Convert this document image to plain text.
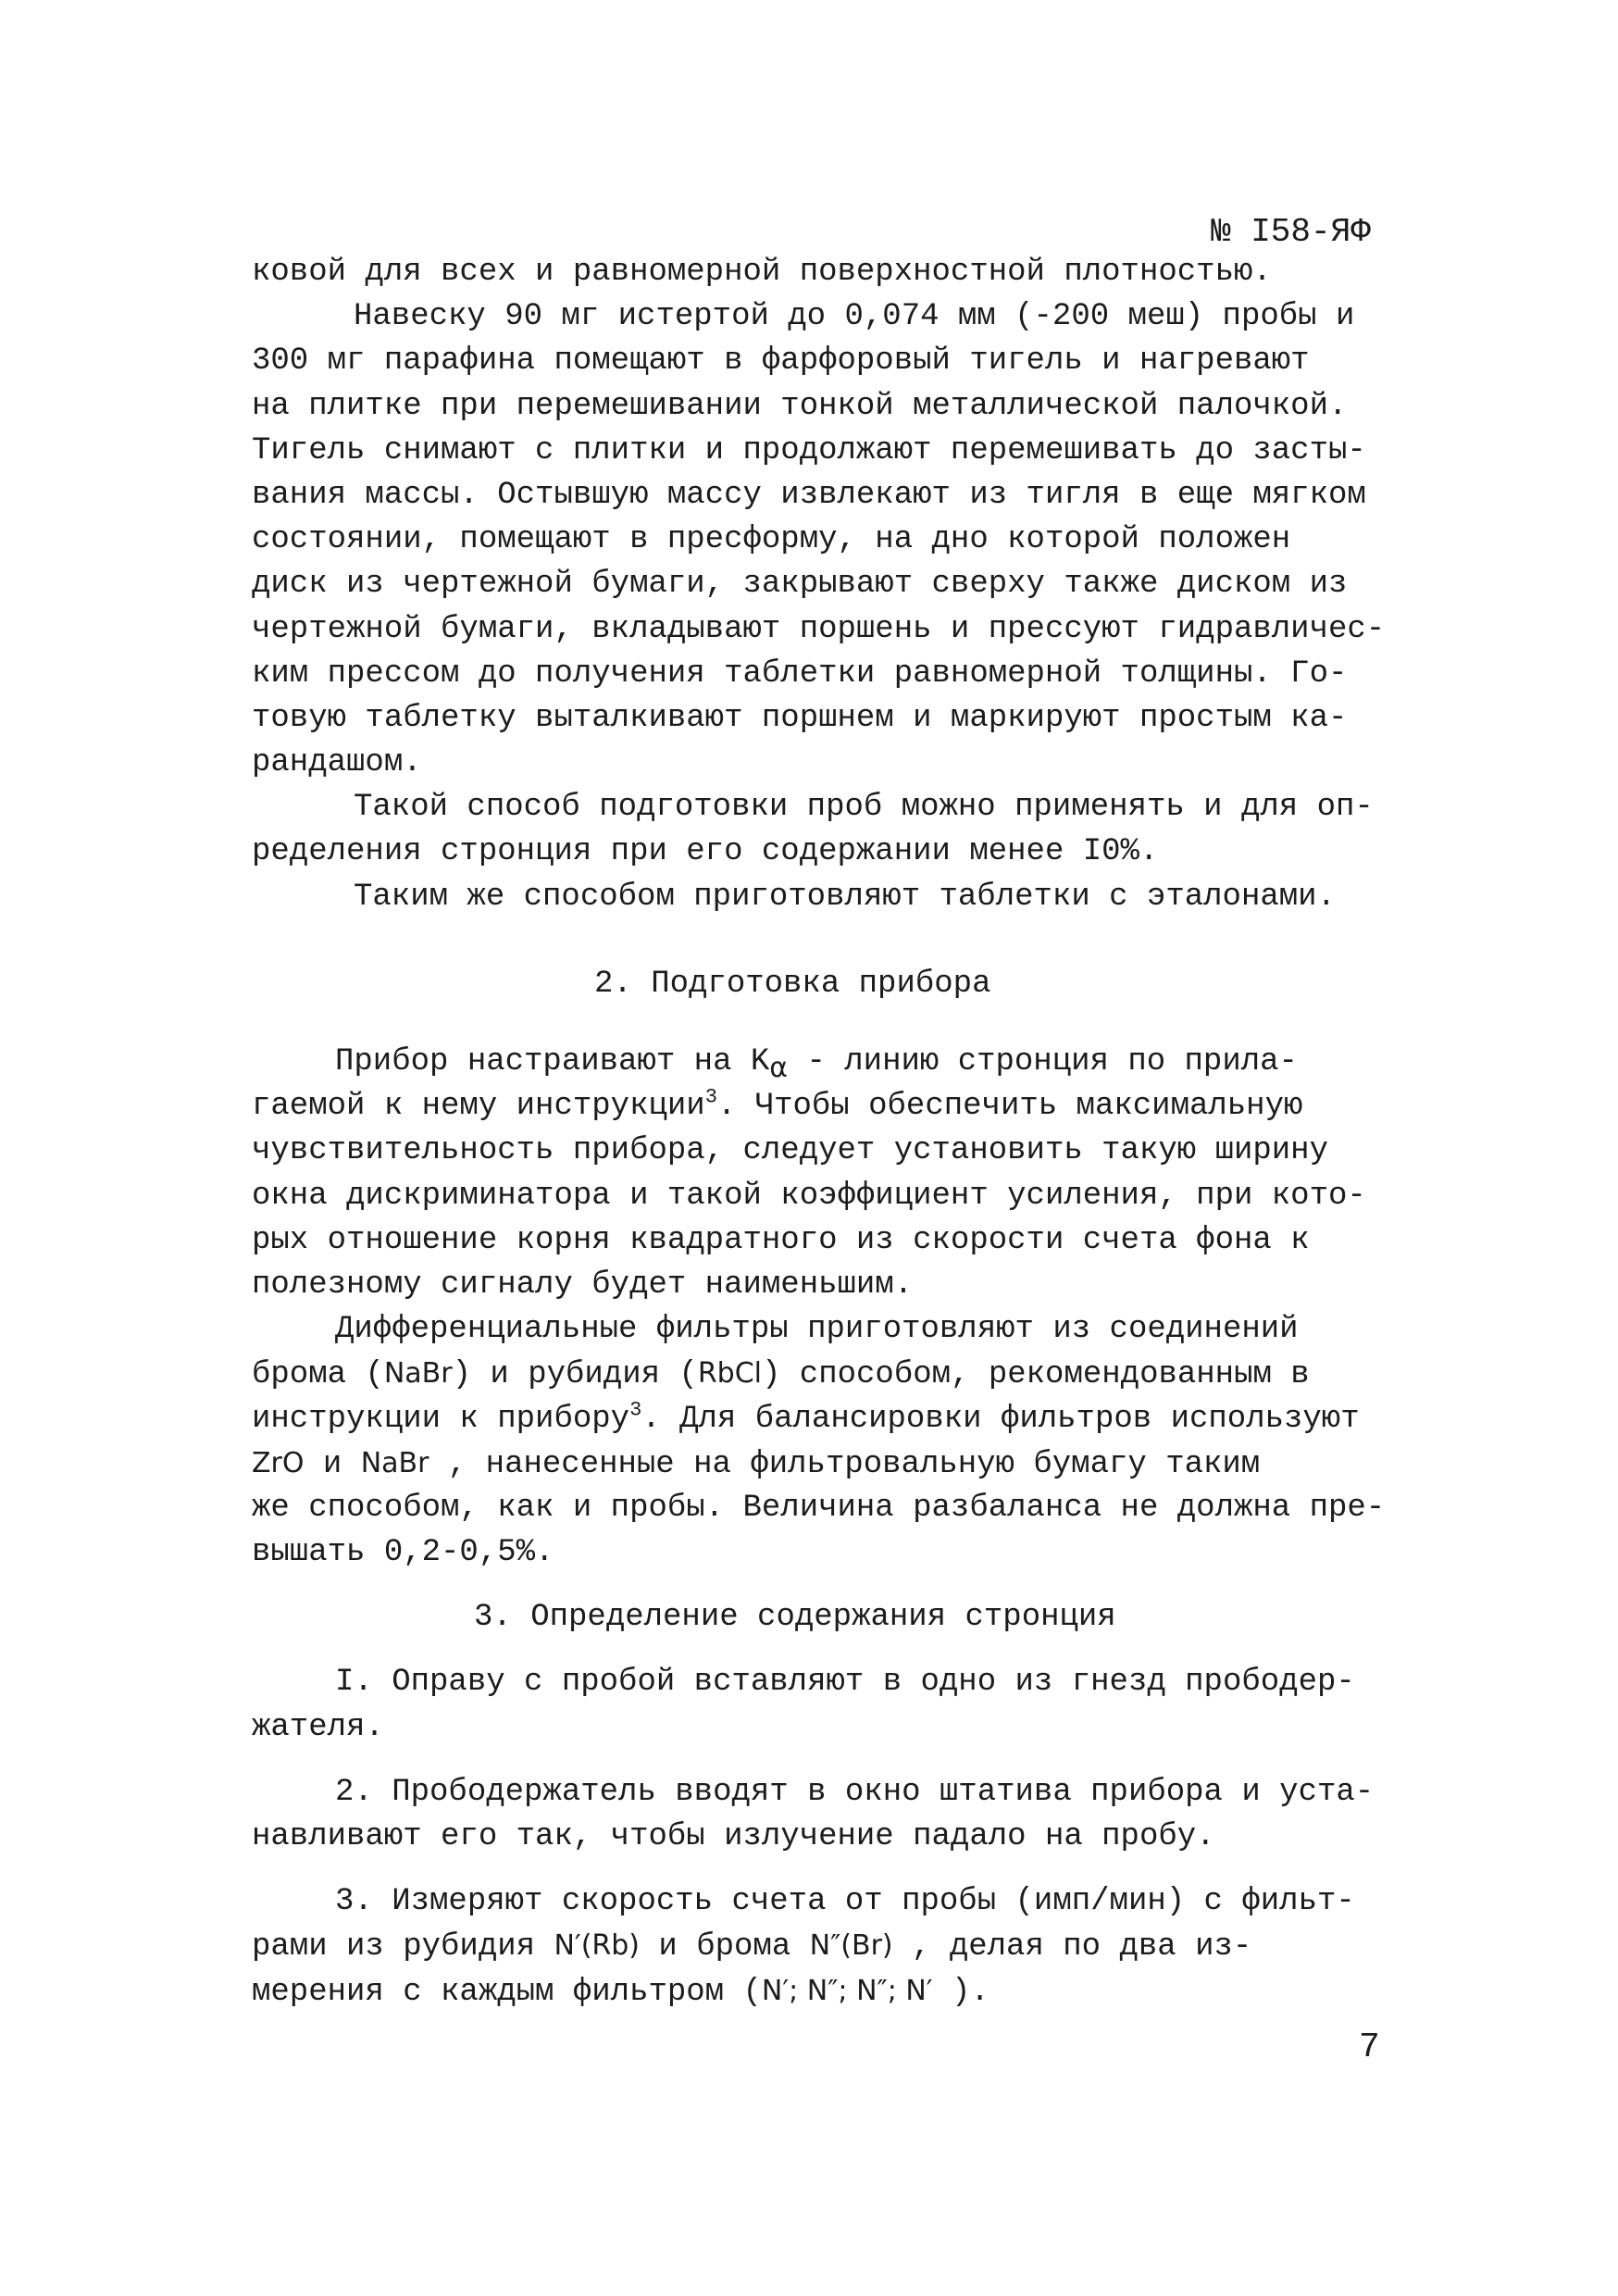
№ I58-ЯФ
ковой для всех и равномерной поверхностной плотностью.
Навеску 90 мг истертой до 0,074 мм (-200 меш) пробы и
300 мг парафина помещают в фарфоровый тигель и нагревают
на плитке при перемешивании тонкой металлической палочкой.
Тигель снимают с плитки и продолжают перемешивать до засты-
вания массы. Остывшую массу извлекают из тигля в еще мягком
состоянии, помещают в пресформу, на дно которой положен
диск из чертежной бумаги, закрывают сверху также диском из
чертежной бумаги, вкладывают поршень и прессуют гидравличес-
ким прессом до получения таблетки равномерной толщины. Го-
товую таблетку выталкивают поршнем и маркируют простым ка-
рандашом.
Такой способ подготовки проб можно применять и для оп-
ределения стронция при его содержании менее I0%.
Таким же способом приготовляют таблетки с эталонами.
2. Подготовка прибора
Прибор настраивают на $K_\alpha$ - линию стронция по прила-
гаемой к нему инструкции$^3$. Чтобы обеспечить максимальную
чувствительность прибора, следует установить такую ширину
окна дискриминатора и такой коэффициент усиления, при кото-
рых отношение корня квадратного из скорости счета фона к
полезному сигналу будет наименьшим.
Дифференциальные фильтры приготовляют из соединений
брома (NaBr) и рубидия (RbCl) способом, рекомендованным в
инструкции к прибору$^3$. Для балансировки фильтров используют
ZrO и NaBr , нанесенные на фильтровальную бумагу таким
же способом, как и пробы. Величина разбаланса не должна пре-
вышать 0,2-0,5%.
3. Определение содержания стронция
I. Оправу с пробой вставляют в одно из гнезд прободер-
жателя.
2. Прободержатель вводят в окно штатива прибора и уста-
навливают его так, чтобы излучение падало на пробу.
3. Измеряют скорость счета от пробы (имп/мин) с фильт-
рами из рубидия N′(Rb) и брома N″(Br) , делая по два из-
мерения с каждым фильтром (N′; N″; N″; N′ ).
7
